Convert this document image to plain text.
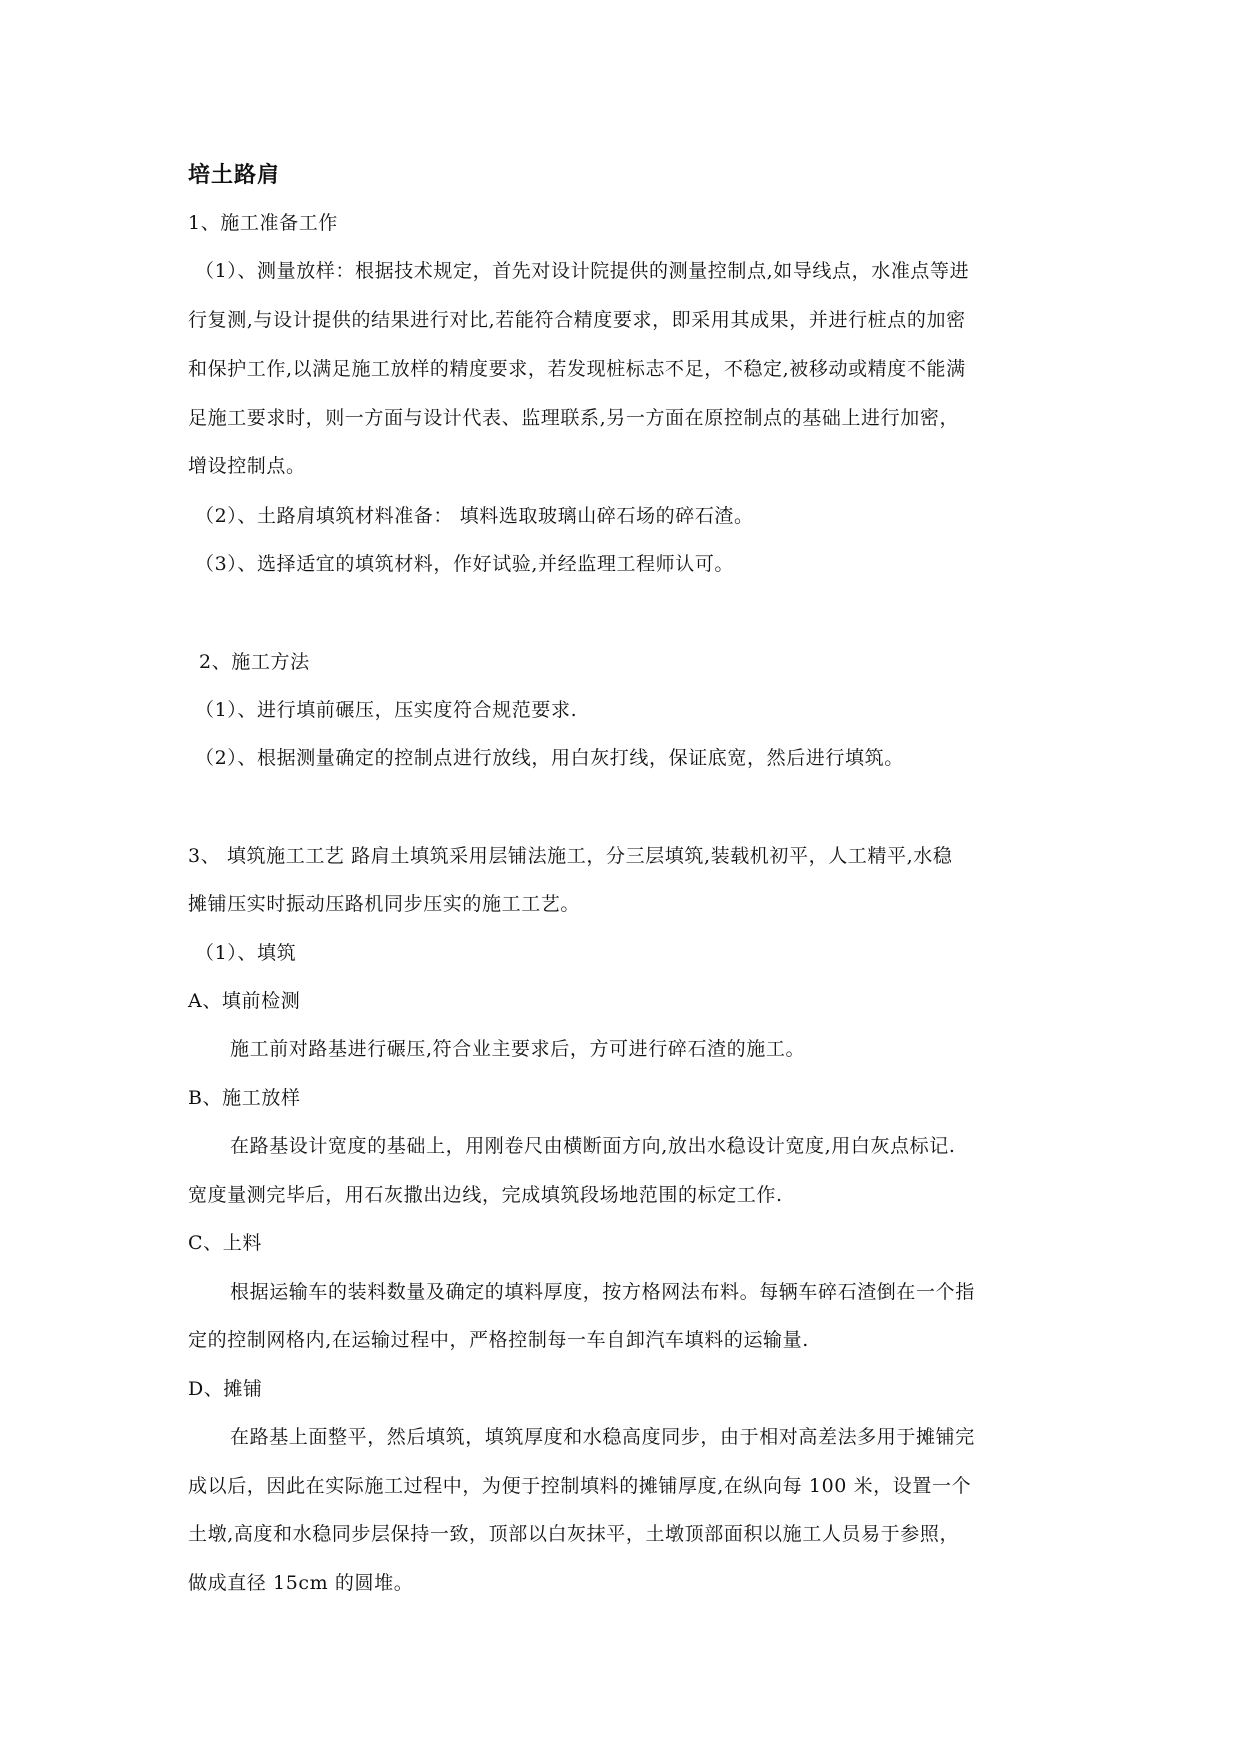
培土路肩
1、施工准备工作
（1）、测量放样：根据技术规定，首先对设计院提供的测量控制点,如导线点，水准点等进
行复测,与设计提供的结果进行对比,若能符合精度要求，即采用其成果，并进行桩点的加密
和保护工作,以满足施工放样的精度要求，若发现桩标志不足，不稳定,被移动或精度不能满
足施工要求时，则一方面与设计代表、监理联系,另一方面在原控制点的基础上进行加密，
增设控制点。
（2）、土路肩填筑材料准备： 填料选取玻璃山碎石场的碎石渣。
（3）、选择适宜的填筑材料，作好试验,并经监理工程师认可。
2、施工方法
（1）、进行填前碾压，压实度符合规范要求.
（2）、根据测量确定的控制点进行放线，用白灰打线，保证底宽，然后进行填筑。
3、 填筑施工工艺 路肩土填筑采用层铺法施工，分三层填筑,装载机初平，人工精平,水稳
摊铺压实时振动压路机同步压实的施工工艺。
（1）、填筑
A、填前检测
施工前对路基进行碾压,符合业主要求后，方可进行碎石渣的施工。
B、施工放样
在路基设计宽度的基础上，用刚卷尺由横断面方向,放出水稳设计宽度,用白灰点标记.
宽度量测完毕后，用石灰撒出边线，完成填筑段场地范围的标定工作.
C、上料
根据运输车的装料数量及确定的填料厚度，按方格网法布料。每辆车碎石渣倒在一个指
定的控制网格内,在运输过程中，严格控制每一车自卸汽车填料的运输量.
D、摊铺
在路基上面整平，然后填筑，填筑厚度和水稳高度同步，由于相对高差法多用于摊铺完
成以后，因此在实际施工过程中，为便于控制填料的摊铺厚度,在纵向每 100 米，设置一个
土墩,高度和水稳同步层保持一致，顶部以白灰抹平，土墩顶部面积以施工人员易于参照，
做成直径 15cm 的圆堆。
